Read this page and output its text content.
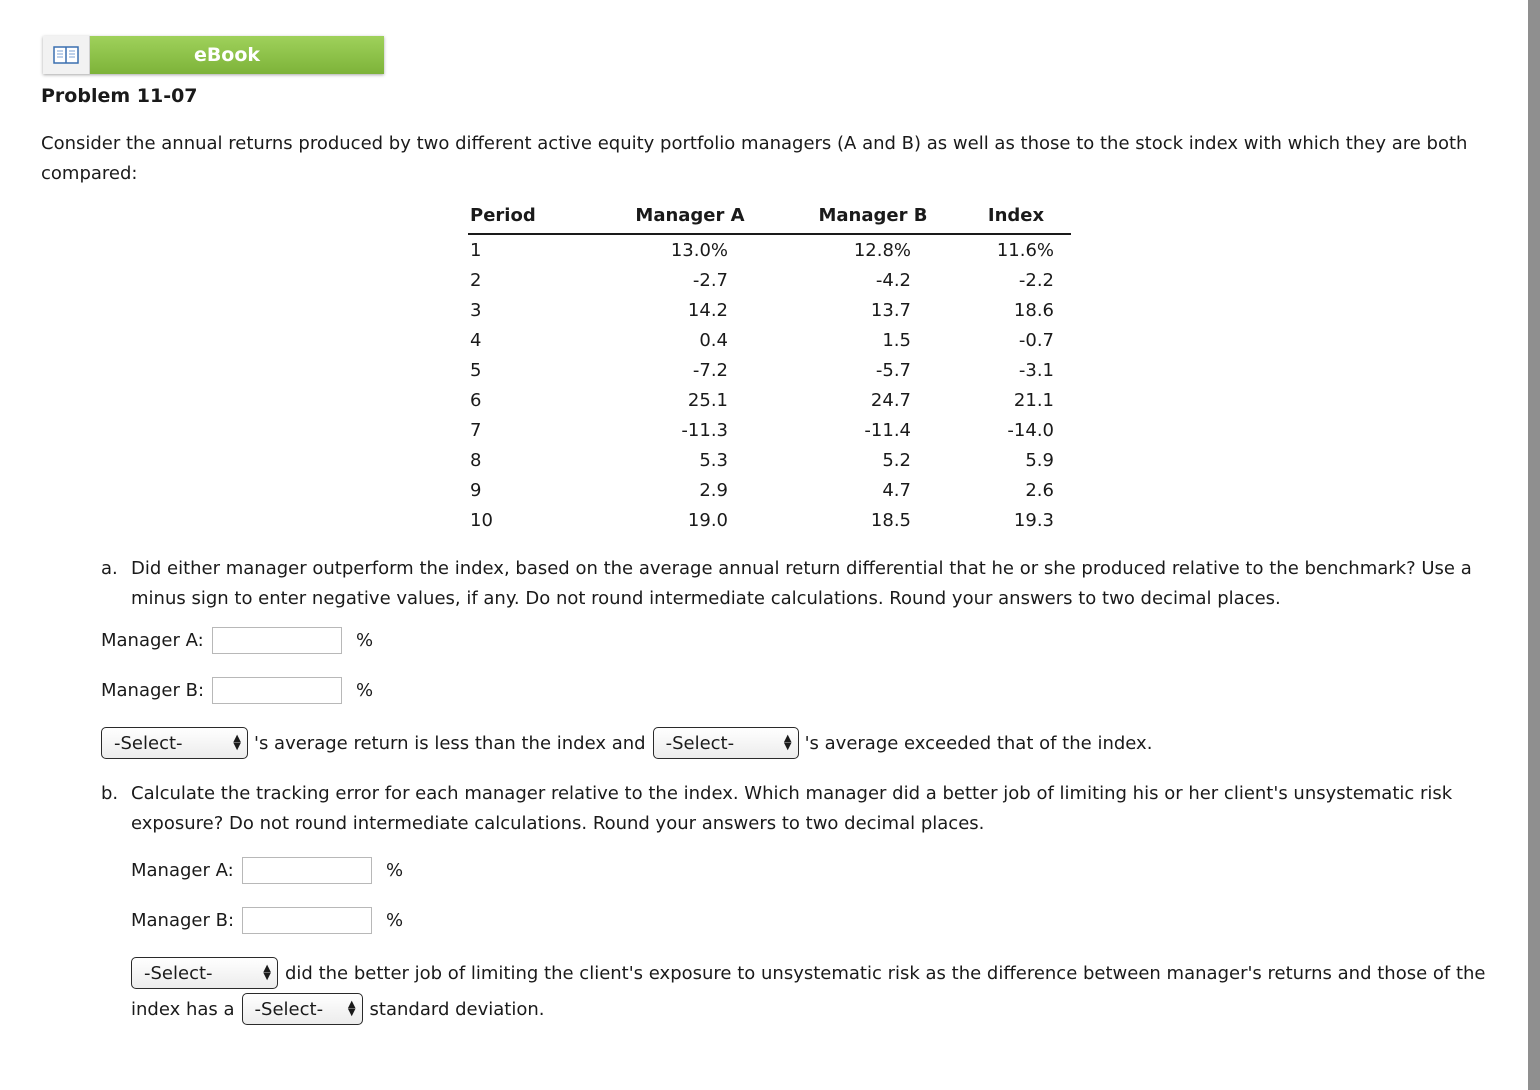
eBook
Problem 11-07
Consider the annual returns produced by two different active equity portfolio managers (A and B) as well as those to the stock index with which they are both compared:
Period	Manager A	Manager B	Index
1	13.0%	12.8%	11.6%
2	-2.7	-4.2	-2.2
3	14.2	13.7	18.6
4	0.4	1.5	-0.7
5	-7.2	-5.7	-3.1
6	25.1	24.7	21.1
7	-11.3	-11.4	-14.0
8	5.3	5.2	5.9
9	2.9	4.7	2.6
10	19.0	18.5	19.3
a. Did either manager outperform the index, based on the average annual return differential that he or she produced relative to the benchmark? Use a minus sign to enter negative values, if any. Do not round intermediate calculations. Round your answers to two decimal places.
Manager A:	%
Manager B:	%
-Select-	▲
▼ 's average return is less than the index and -Select-	▲
▼ 's average exceeded that of the index.
b. Calculate the tracking error for each manager relative to the index. Which manager did a better job of limiting his or her client's unsystematic risk exposure? Do not round intermediate calculations. Round your answers to two decimal places.
Manager A:	%
Manager B:	%
-Select-	▲
▼ did the better job of limiting the client's exposure to unsystematic risk as the difference between manager's returns and those of the
index has a -Select- ▲
▼ standard deviation.
